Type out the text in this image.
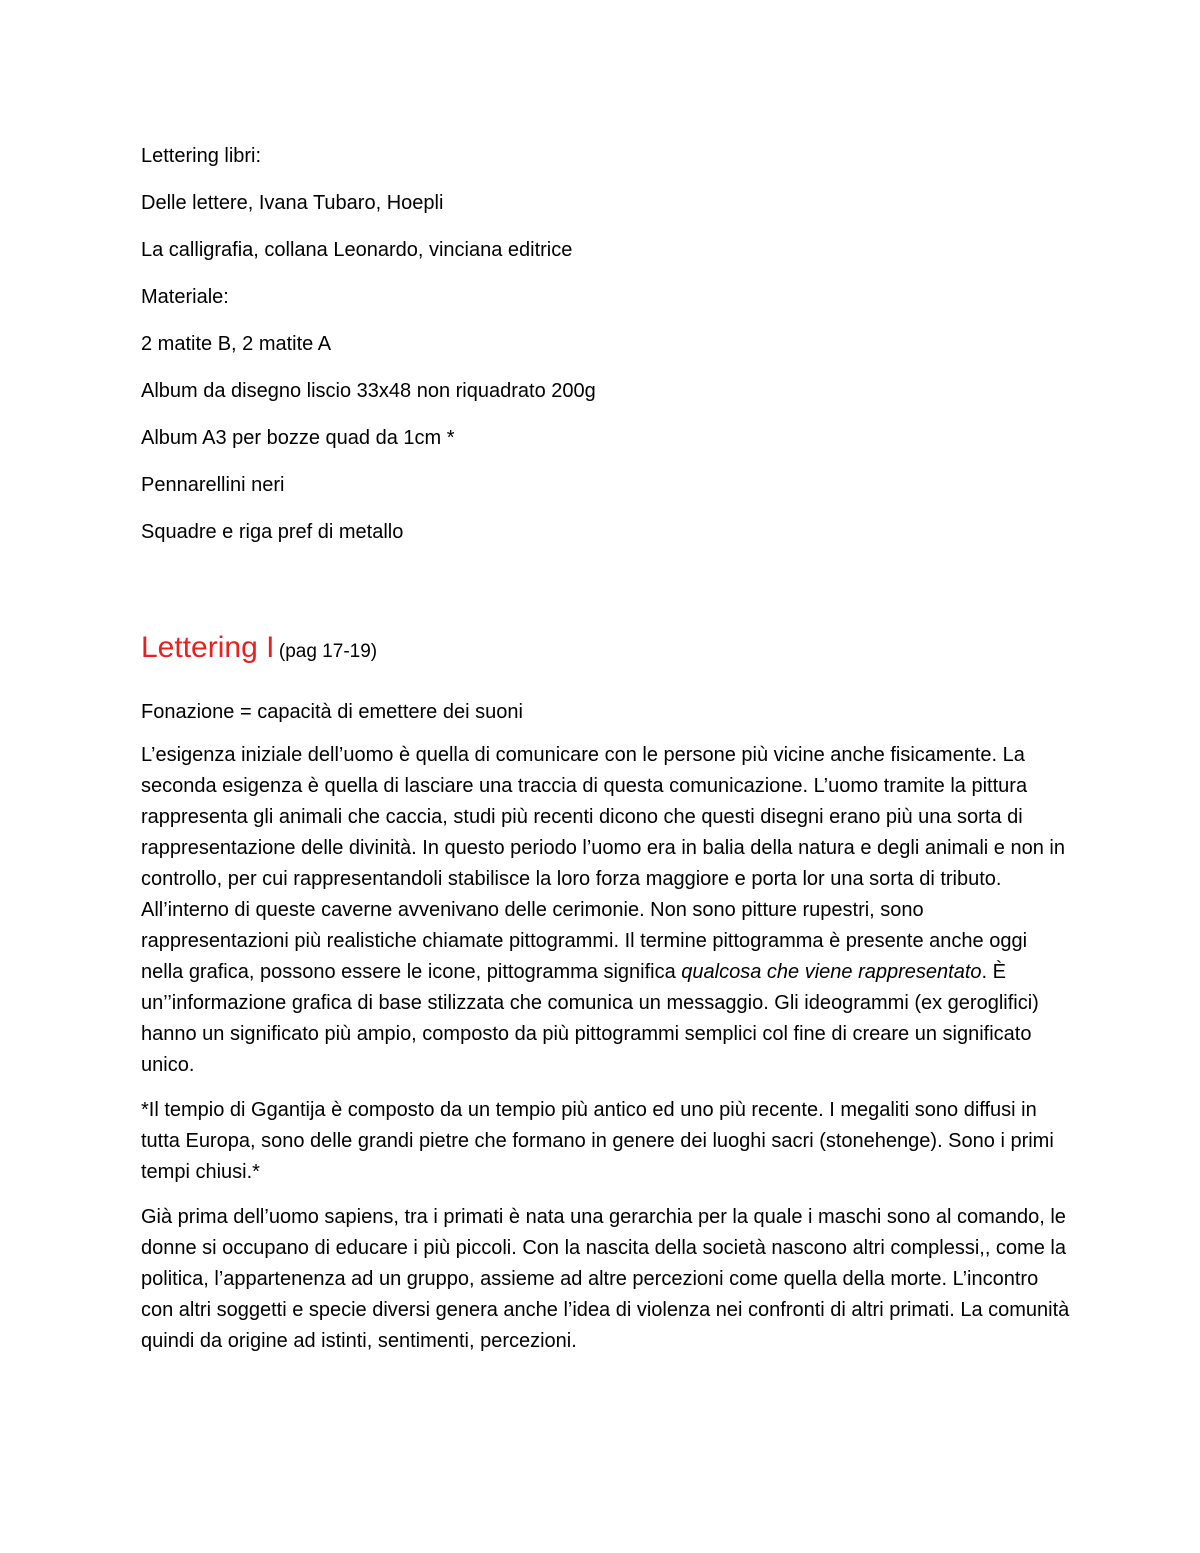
Lettering libri:
Delle lettere, Ivana Tubaro, Hoepli
La calligrafia, collana Leonardo, vinciana editrice
Materiale:
2 matite B, 2 matite A
Album da disegno liscio 33x48 non riquadrato 200g
Album A3 per bozze quad da 1cm *
Pennarellini neri
Squadre e riga pref di metallo
Lettering I (pag 17-19)
Fonazione = capacità di emettere dei suoni

L’esigenza iniziale dell’uomo è quella di comunicare con le persone più vicine anche fisicamente. La seconda esigenza è quella di lasciare una traccia di questa comunicazione. L’uomo tramite la pittura rappresenta gli animali che caccia, studi più recenti dicono che questi disegni erano più una sorta di rappresentazione delle divinità. In questo periodo l’uomo era in balia della natura e degli animali e non in controllo, per cui rappresentandoli stabilisce la loro forza maggiore e porta lor una sorta di tributo. All’interno di queste caverne avvenivano delle cerimonie. Non sono pitture rupestri, sono rappresentazioni più realistiche chiamate pittogrammi. Il termine pittogramma è presente anche oggi nella grafica, possono essere le icone, pittogramma significa qualcosa che viene rappresentato. È un’’informazione grafica di base stilizzata che comunica un messaggio. Gli ideogrammi (ex geroglifici) hanno un significato più ampio, composto da più pittogrammi semplici col fine di creare un significato unico.

*Il tempio di Ggantija è composto da un tempio più antico ed uno più recente. I megaliti sono diffusi in tutta Europa, sono delle grandi pietre che formano in genere dei luoghi sacri (stonehenge). Sono i primi tempi chiusi.*

Già prima dell’uomo sapiens, tra i primati è nata una gerarchia per la quale i maschi sono al comando, le donne si occupano di educare i più piccoli. Con la nascita della società nascono altri complessi,, come la politica, l’appartenenza ad un gruppo, assieme ad altre percezioni come quella della morte. L’incontro con altri soggetti e specie diversi genera anche l’idea di violenza nei confronti di altri primati. La comunità quindi da origine ad istinti, sentimenti, percezioni.
